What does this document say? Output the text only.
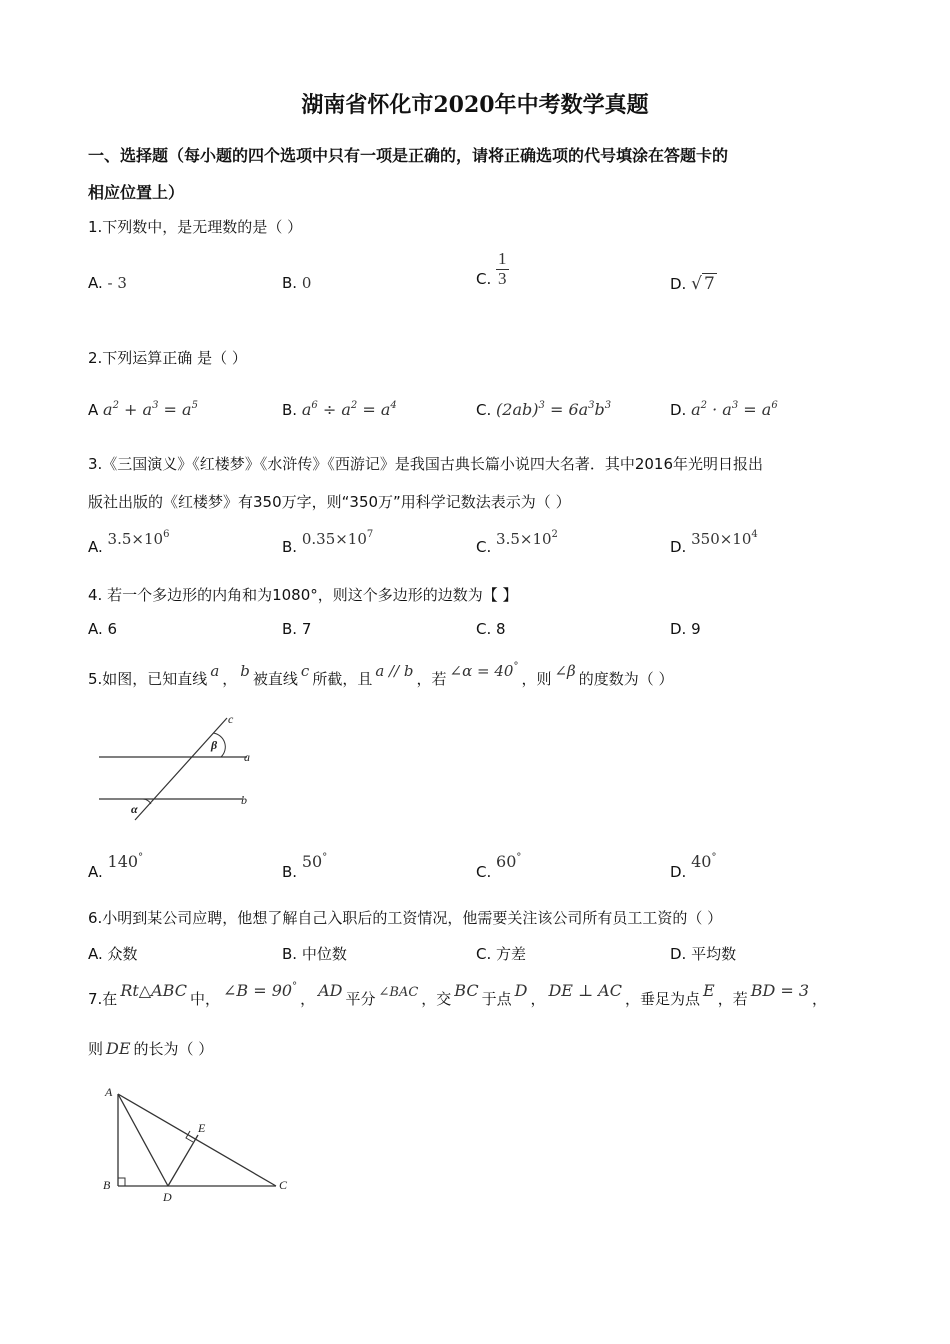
湖南省怀化市2020年中考数学真题
一、选择题（每小题的四个选项中只有一项是正确的，请将正确选项的代号填涂在答题卡的
相应位置上）
1.下列数中，是无理数的是（ ）
A. - 3	B. 0	C. $\frac{1}{3}$	D. √ 7
2.下列运算正确 是（ ）
A $a^2 + a^3 = a^5$	B. $a^6 \div a^2 = a^4$	C. $(2ab)^3 = 6a^3b^3$	D. $a^2 \cdot a^3 = a^6$
3.《三国演义》《红楼梦》《水浒传》《西游记》是我国古典长篇小说四大名著．其中2016年光明日报出
版社出版的《红楼梦》有350万字，则“350万”用科学记数法表示为（ ）
A. $3.5\times 10^6$
B. $0.35\times 10^7$
C. $3.5\times 10^2$
D. $350\times 10^4$
4. 若一个多边形的内角和为1080°，则这个多边形的边数为【 】
A. 6	B. 7	C. 8	D. 9
5.如图，已知直线 a ， b 被直线 c 所截，且 a // b ，若 ∠α = 40°，则 ∠β 的度数为（ ）
c
β
a
b
α
A. 140°
B. 50°
C. 60°
D. 40°
6.小明到某公司应聘，他想了解自己入职后的工资情况，他需要关注该公司所有员工工资的（ ）
A. 众数	B. 中位数	C. 方差	D. 平均数
7.在 Rt△ABC 中， ∠B = 90°， AD 平分 ∠BAC ，交 BC 于点 D ， DE ⊥ AC ，垂足为点 E ，若 BD = 3 ，
则 DE 的长为（ ）
A
E
B
D
C
